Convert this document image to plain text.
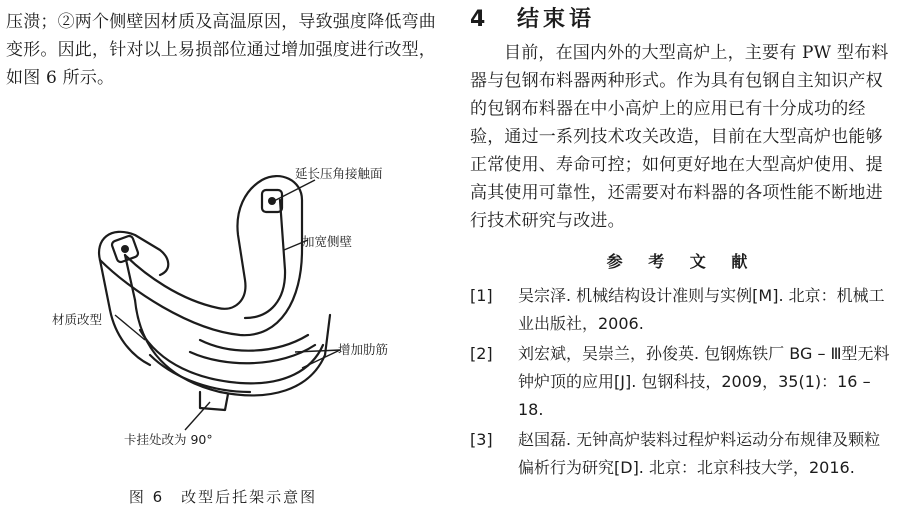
压溃；②两个侧壁因材质及高温原因，导致强度降低弯曲变形。因此，针对以上易损部位通过增加强度进行改型，如图 6 所示。

延长压角接触面
加宽侧壁
材质改型
增加肋筋
卡挂处改为 90°
图 6　改型后托架示意图
4 结束语

目前，在国内外的大型高炉上，主要有 PW 型布料器与包钢布料器两种形式。作为具有包钢自主知识产权的包钢布料器在中小高炉上的应用已有十分成功的经验，通过一系列技术攻关改造，目前在大型高炉也能够正常使用、寿命可控；如何更好地在大型高炉使用、提高其使用可靠性，还需要对布料器的各项性能不断地进行技术研究与改进。

参 考 文 献
[1]	吴宗泽. 机械结构设计准则与实例[M]. 北京：机械工业出版社，2006.
[2]	刘宏斌，吴崇兰，孙俊英. 包钢炼铁厂 BG – Ⅲ型无料钟炉顶的应用[J]. 包钢科技，2009，35(1)：16 – 18.
[3]	赵国磊. 无钟高炉装料过程炉料运动分布规律及颗粒偏析行为研究[D]. 北京：北京科技大学，2016.
